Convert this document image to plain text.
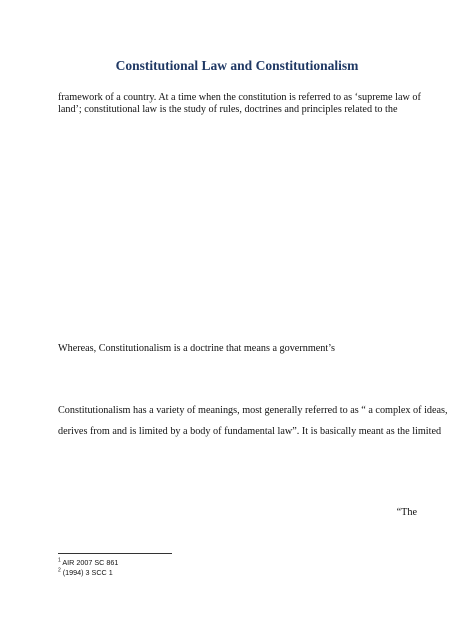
Constitutional Law and Constitutionalism
framework of a country. At a time when the constitution is referred to as ‘supreme law of
land’; constitutional law is the study of rules, doctrines and principles related to the
Whereas, Constitutionalism is a doctrine that means a government’s
Constitutionalism has a variety of meanings, most generally referred to as “ a complex of ideas,
derives from and is limited by a body of fundamental law”. It is basically meant as the limited
“The
$^1$ AIR 2007 SC 861
$^2$ (1994) 3 SCC 1
